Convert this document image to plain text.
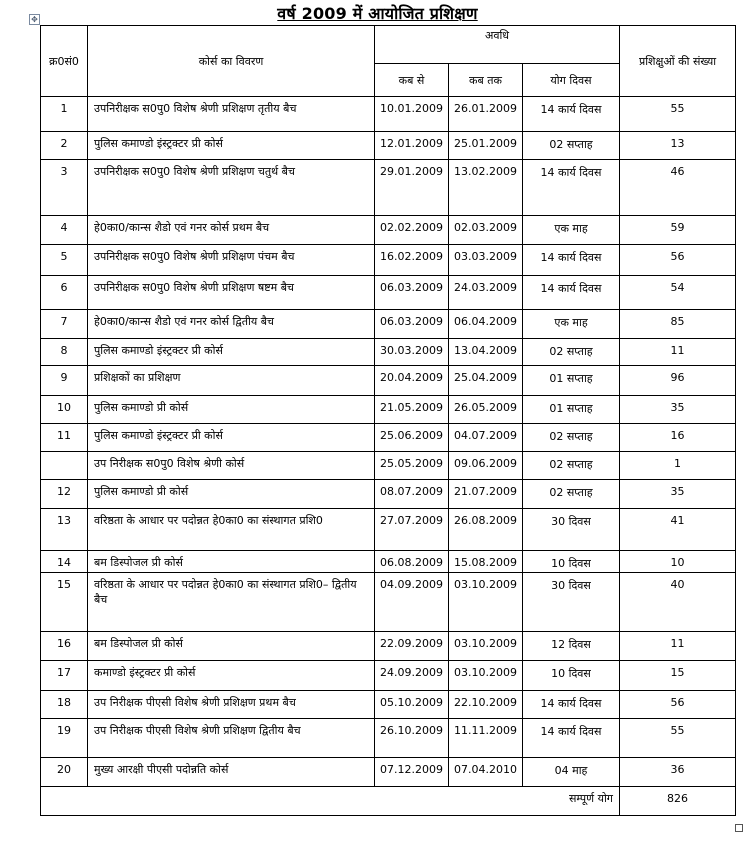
वर्ष 2009 में आयोजित प्रशिक्षण
✥
क्र0सं0	कोर्स का विवरण	अवधि			प्रशिक्षुओं की संख्या
		कब से	कब तक	योग दिवस	
1	उपनिरीक्षक स0पु0 विशेष श्रेणी प्रशिक्षण तृतीय बैच	10.01.2009	26.01.2009	14 कार्य दिवस	55
2	पुलिस कमाण्डो इंस्ट्रक्टर प्री कोर्स	12.01.2009	25.01.2009	02 सप्ताह	13
3	उपनिरीक्षक स0पु0 विशेष श्रेणी प्रशिक्षण चतुर्थ बैच	29.01.2009	13.02.2009	14 कार्य दिवस	46
4	हे0का0/कान्स शैडो एवं गनर कोर्स प्रथम बैच	02.02.2009	02.03.2009	एक माह	59
5	उपनिरीक्षक स0पु0 विशेष श्रेणी प्रशिक्षण पंचम बैच	16.02.2009	03.03.2009	14 कार्य दिवस	56
6	उपनिरीक्षक स0पु0 विशेष श्रेणी प्रशिक्षण षष्टम बैच	06.03.2009	24.03.2009	14 कार्य दिवस	54
7	हे0का0/कान्स शैडो एवं गनर कोर्स द्वितीय बैच	06.03.2009	06.04.2009	एक माह	85
8	पुलिस कमाण्डो इंस्ट्रक्टर प्री कोर्स	30.03.2009	13.04.2009	02 सप्ताह	11
9	प्रशिक्षकों का प्रशिक्षण	20.04.2009	25.04.2009	01 सप्ताह	96
10	पुलिस कमाण्डो प्री कोर्स	21.05.2009	26.05.2009	01 सप्ताह	35
11	पुलिस कमाण्डो इंस्ट्रक्टर प्री कोर्स	25.06.2009	04.07.2009	02 सप्ताह	16
	उप निरीक्षक स0पु0 विशेष श्रेणी कोर्स	25.05.2009	09.06.2009	02 सप्ताह	1
12	पुलिस कमाण्डो प्री कोर्स	08.07.2009	21.07.2009	02 सप्ताह	35
13	वरिष्ठता के आधार पर पदोन्नत हे0का0 का संस्थागत प्रशि0	27.07.2009	26.08.2009	30 दिवस	41
14	बम डिस्पोजल प्री कोर्स	06.08.2009	15.08.2009	10 दिवस	10
15	वरिष्ठता के आधार पर पदोन्नत हे0का0 का संस्थागत प्रशि0– द्वितीय बैच	04.09.2009	03.10.2009	30 दिवस	40
16	बम डिस्पोजल प्री कोर्स	22.09.2009	03.10.2009	12 दिवस	11
17	कमाण्डो इंस्ट्रक्टर प्री कोर्स	24.09.2009	03.10.2009	10 दिवस	15
18	उप निरीक्षक पीएसी विशेष श्रेणी प्रशिक्षण प्रथम बैच	05.10.2009	22.10.2009	14 कार्य दिवस	56
19	उप निरीक्षक पीएसी विशेष श्रेणी प्रशिक्षण द्वितीय बैच	26.10.2009	11.11.2009	14 कार्य दिवस	55
20	मुख्य आरक्षी पीएसी पदोन्नति कोर्स	07.12.2009	07.04.2010	04 माह	36
सम्पूर्ण योग					826
